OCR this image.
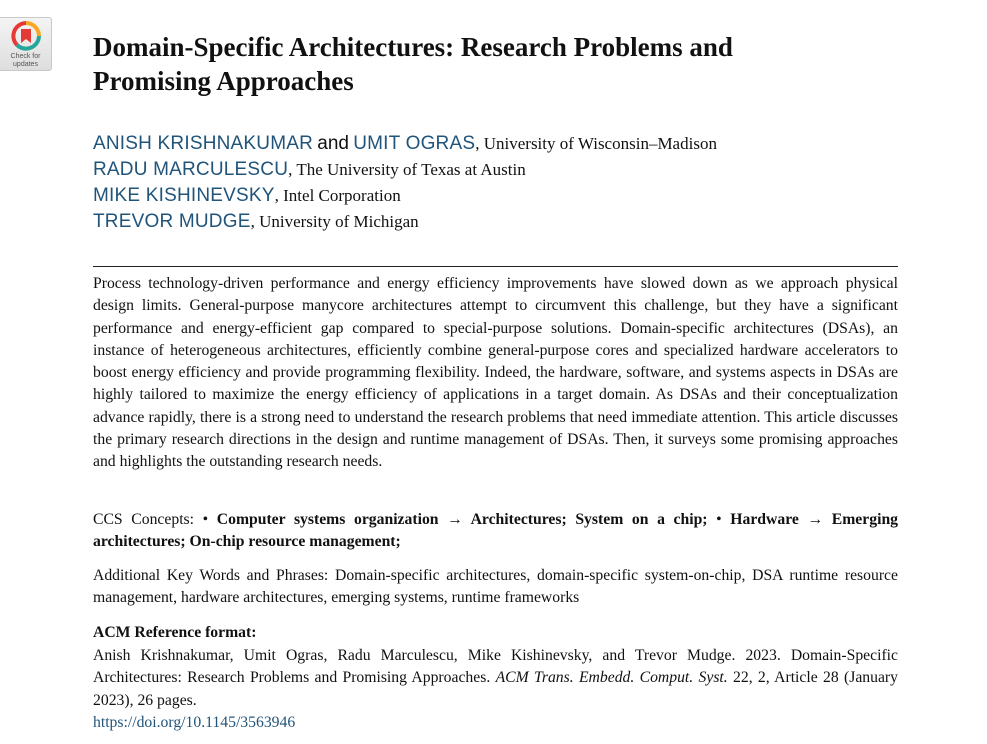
Check for
updates
Domain-Specific Architectures: Research Problems and
Promising Approaches
ANISH KRISHNAKUMAR and UMIT OGRAS, University of Wisconsin–Madison
RADU MARCULESCU, The University of Texas at Austin
MIKE KISHINEVSKY, Intel Corporation
TREVOR MUDGE, University of Michigan

Process technology-driven performance and energy efficiency improvements have slowed down as we approach physical design limits. General-purpose manycore architectures attempt to circumvent this challenge, but they have a significant performance and energy-efficient gap compared to special-purpose solutions. Domain-specific architectures (DSAs), an instance of heterogeneous architectures, efficiently combine general-purpose cores and specialized hardware accelerators to boost energy efficiency and provide programming flexibility. Indeed, the hardware, software, and systems aspects in DSAs are highly tailored to maximize the energy efficiency of applications in a target domain. As DSAs and their conceptualization advance rapidly, there is a strong need to understand the research problems that need immediate attention. This article discusses the primary research directions in the design and runtime management of DSAs. Then, it surveys some promising approaches and highlights the outstanding research needs.

CCS Concepts: • Computer systems organization → Architectures; System on a chip; • Hardware → Emerging architectures; On-chip resource management;

Additional Key Words and Phrases: Domain-specific architectures, domain-specific system-on-chip, DSA runtime resource management, hardware architectures, emerging systems, runtime frameworks

ACM Reference format:

Anish Krishnakumar, Umit Ogras, Radu Marculescu, Mike Kishinevsky, and Trevor Mudge. 2023. Domain-Specific Architectures: Research Problems and Promising Approaches. ACM Trans. Embedd. Comput. Syst. 22, 2, Article 28 (January 2023), 26 pages.

https://doi.org/10.1145/3563946
